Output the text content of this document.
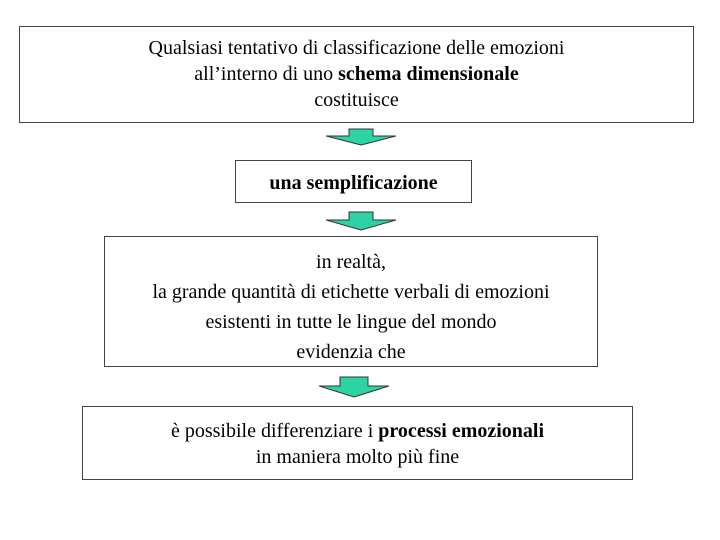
Qualsiasi tentativo di classificazione delle emozioni
all’interno di uno schema dimensionale
costituisce
una semplificazione
in realtà,
la grande quantità di etichette verbali di emozioni
esistenti in tutte le lingue del mondo
evidenzia che
è possibile differenziare i processi emozionali
in maniera molto più fine
